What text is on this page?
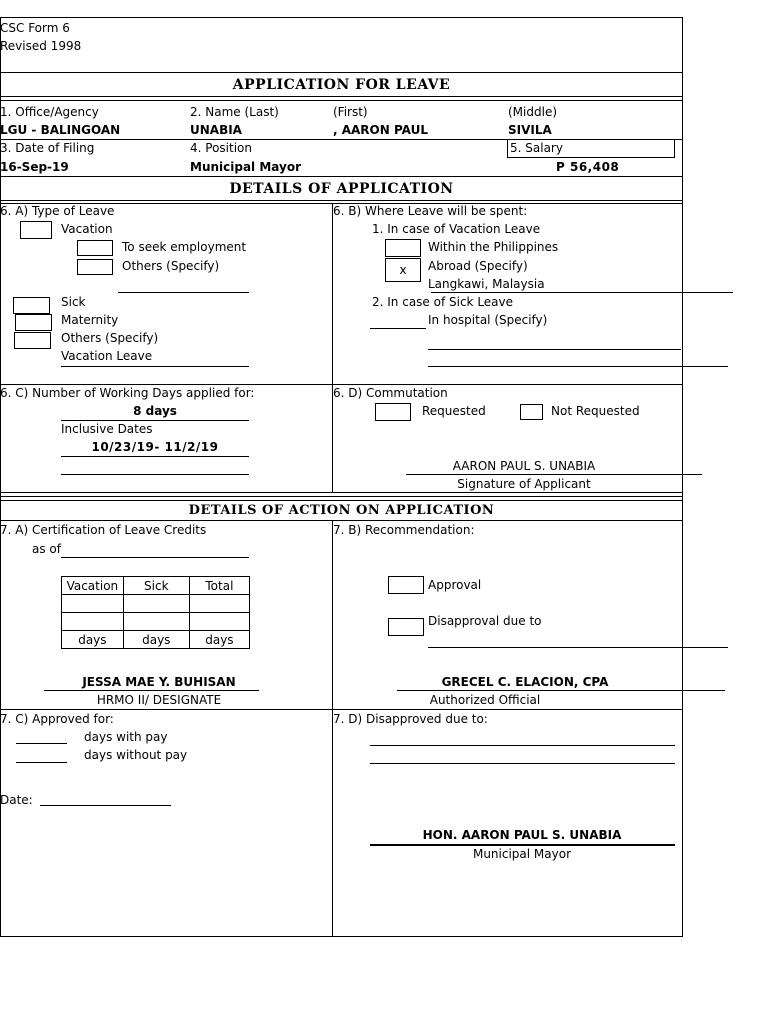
CSC Form 6
Revised 1998
APPLICATION FOR LEAVE
1. Office/Agency	2. Name (Last)	(First)	(Middle)
LGU - BALINGOAN	UNABIA	, AARON PAUL	SIVILA
3. Date of Filing	4. Position	5. Salary
16-Sep-19	Municipal Mayor	P 56,408
DETAILS OF APPLICATION
6. A) Type of Leave
Vacation
To seek employment
Others (Specify)
Sick
Maternity
Others (Specify)
Vacation Leave
6. B) Where Leave will be spent:
1. In case of Vacation Leave
Within the Philippines
x	Abroad (Specify)
Langkawi, Malaysia
2. In case of Sick Leave
In hospital (Specify)
6. C) Number of Working Days applied for:
8 days
Inclusive Dates
10/23/19- 11/2/19
6. D) Commutation
Requested	Not Requested
AARON PAUL S. UNABIA
Signature of Applicant
DETAILS OF ACTION ON APPLICATION
7. A) Certification of Leave Credits
as of
Vacation	Sick	Total

days	days	days
JESSA MAE Y. BUHISAN
HRMO II/ DESIGNATE
7. B) Recommendation:
Approval
Disapproval due to
GRECEL C. ELACION, CPA
Authorized Official
7. C) Approved for:
days with pay
days without pay
Date:
7. D) Disapproved due to:
HON. AARON PAUL S. UNABIA
Municipal Mayor
